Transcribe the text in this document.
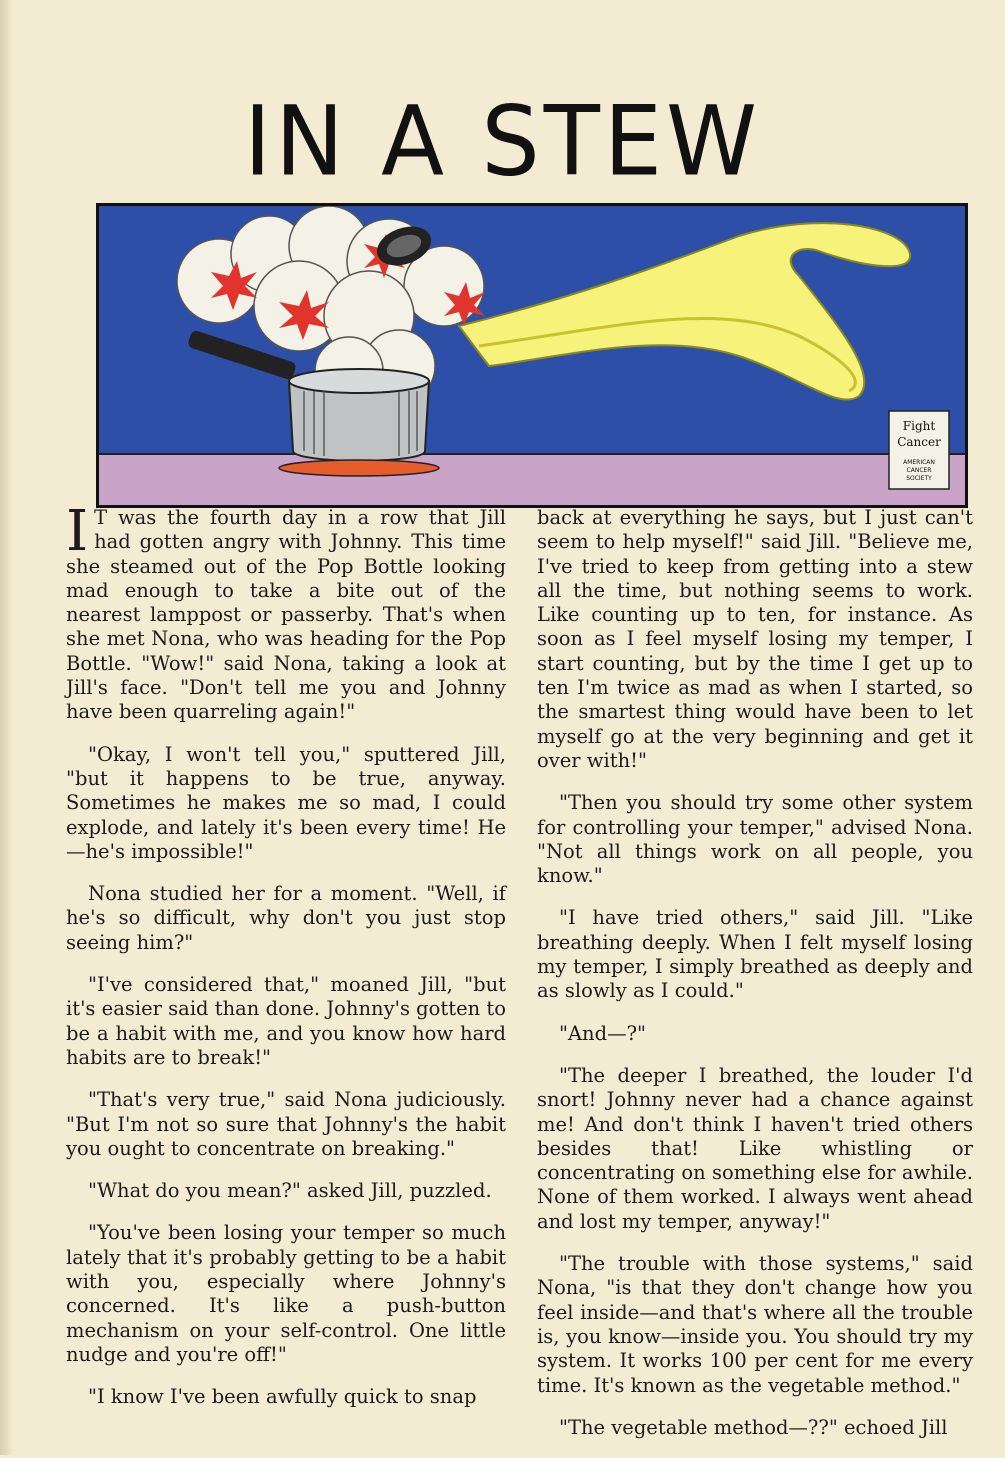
IN A STEW
Fight
Cancer
AMERICAN
CANCER
SOCIETY

I T was the fourth day in a row that Jill had gotten angry with Johnny. This time she steamed out of the Pop Bottle looking mad enough to take a bite out of the nearest lamppost or passerby. That's when she met Nona, who was heading for the Pop Bottle. "Wow!" said Nona, taking a look at Jill's face. "Don't tell me you and Johnny have been quarreling again!"

"Okay, I won't tell you," sputtered Jill, "but it happens to be true, anyway. Sometimes he makes me so mad, I could explode, and lately it's been every time! He—he's impossible!"

Nona studied her for a moment. "Well, if he's so difficult, why don't you just stop seeing him?"

"I've considered that," moaned Jill, "but it's easier said than done. Johnny's gotten to be a habit with me, and you know how hard habits are to break!"

"That's very true," said Nona judiciously. "But I'm not so sure that Johnny's the habit you ought to concentrate on breaking."

"What do you mean?" asked Jill, puzzled.

"You've been losing your temper so much lately that it's probably getting to be a habit with you, especially where Johnny's concerned. It's like a push-button mechanism on your self-control. One little nudge and you're off!"

"I know I've been awfully quick to snap

back at everything he says, but I just can't seem to help myself!" said Jill. "Believe me, I've tried to keep from getting into a stew all the time, but nothing seems to work. Like counting up to ten, for instance. As soon as I feel myself losing my temper, I start counting, but by the time I get up to ten I'm twice as mad as when I started, so the smartest thing would have been to let myself go at the very beginning and get it over with!"

"Then you should try some other system for controlling your temper," advised Nona. "Not all things work on all people, you know."

"I have tried others," said Jill. "Like breathing deeply. When I felt myself losing my temper, I simply breathed as deeply and as slowly as I could."

"And—?"

"The deeper I breathed, the louder I'd snort! Johnny never had a chance against me! And don't think I haven't tried others besides that! Like whistling or concentrating on something else for awhile. None of them worked. I always went ahead and lost my temper, anyway!"

"The trouble with those systems," said Nona, "is that they don't change how you feel inside—and that's where all the trouble is, you know—inside you. You should try my system. It works 100 per cent for me every time. It's known as the vegetable method."

"The vegetable method—??" echoed Jill
